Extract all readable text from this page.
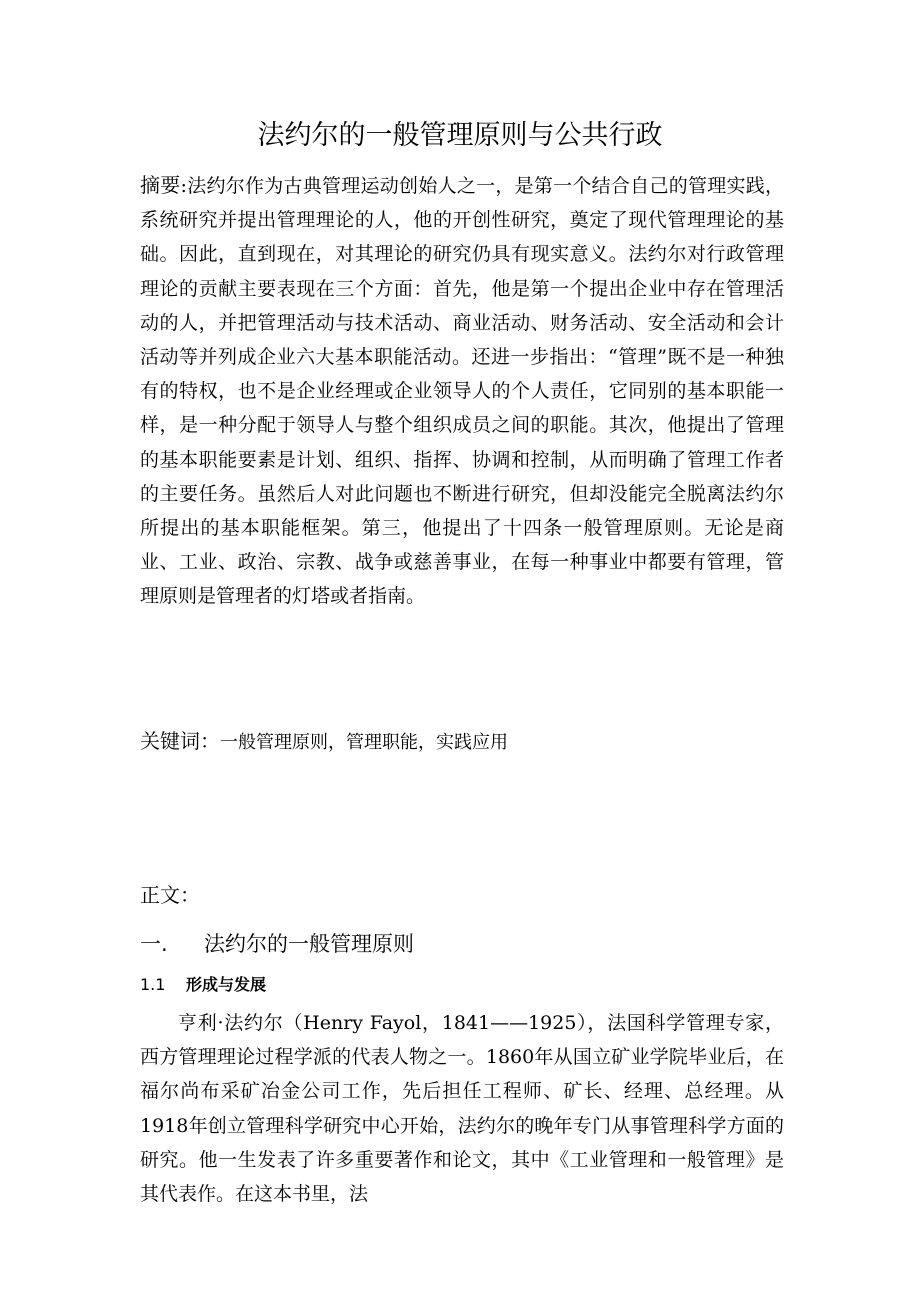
法约尔的一般管理原则与公共行政
摘要:法约尔作为古典管理运动创始人之一，是第一个结合自己的管理实践，系统研究并提出管理理论的人，他的开创性研究，奠定了现代管理理论的基础。因此，直到现在，对其理论的研究仍具有现实意义。法约尔对行政管理理论的贡献主要表现在三个方面：首先，他是第一个提出企业中存在管理活动的人，并把管理活动与技术活动、商业活动、财务活动、安全活动和会计活动等并列成企业六大基本职能活动。还进一步指出：“管理”既不是一种独有的特权，也不是企业经理或企业领导人的个人责任，它同别的基本职能一样，是一种分配于领导人与整个组织成员之间的职能。其次，他提出了管理的基本职能要素是计划、组织、指挥、协调和控制，从而明确了管理工作者的主要任务。虽然后人对此问题也不断进行研究，但却没能完全脱离法约尔所提出的基本职能框架。第三，他提出了十四条一般管理原则。无论是商业、工业、政治、宗教、战争或慈善事业，在每一种事业中都要有管理，管理原则是管理者的灯塔或者指南。
关键词：一般管理原则，管理职能，实践应用
正文：
一. 法约尔的一般管理原则
1.1 形成与发展
亨利·法约尔（Henry Fayol，1841——1925），法国科学管理专家，西方管理理论过程学派的代表人物之一。1860年从国立矿业学院毕业后，在福尔尚布采矿冶金公司工作，先后担任工程师、矿长、经理、总经理。从1918年创立管理科学研究中心开始，法约尔的晚年专门从事管理科学方面的研究。他一生发表了许多重要著作和论文，其中《工业管理和一般管理》是其代表作。在这本书里，法
